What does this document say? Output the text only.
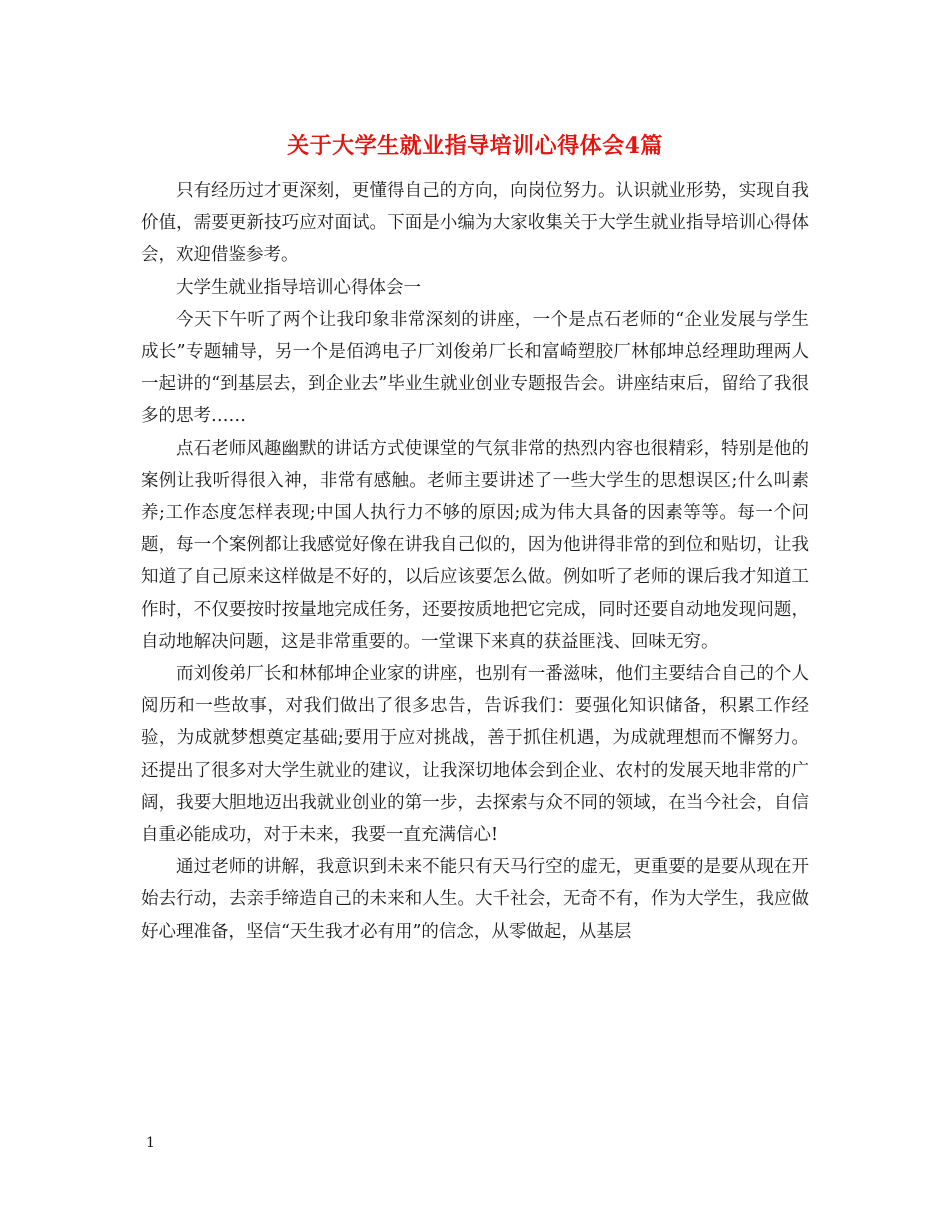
关于大学生就业指导培训心得体会4篇

只有经历过才更深刻，更懂得自己的方向，向岗位努力。认识就业形势，实现自我价值，需要更新技巧应对面试。下面是小编为大家收集关于大学生就业指导培训心得体会，欢迎借鉴参考。

大学生就业指导培训心得体会一

今天下午听了两个让我印象非常深刻的讲座，一个是点石老师的“企业发展与学生成长”专题辅导，另一个是佰鸿电子厂刘俊弟厂长和富崎塑胶厂林郁坤总经理助理两人一起讲的“到基层去，到企业去”毕业生就业创业专题报告会。讲座结束后，留给了我很多的思考……

点石老师风趣幽默的讲话方式使课堂的气氛非常的热烈内容也很精彩，特别是他的案例让我听得很入神，非常有感触。老师主要讲述了一些大学生的思想误区;什么叫素养;工作态度怎样表现;中国人执行力不够的原因;成为伟大具备的因素等等。每一个问题，每一个案例都让我感觉好像在讲我自己似的，因为他讲得非常的到位和贴切，让我知道了自己原来这样做是不好的，以后应该要怎么做。例如听了老师的课后我才知道工作时，不仅要按时按量地完成任务，还要按质地把它完成，同时还要自动地发现问题，自动地解决问题，这是非常重要的。一堂课下来真的获益匪浅、回味无穷。

而刘俊弟厂长和林郁坤企业家的讲座，也别有一番滋味，他们主要结合自己的个人阅历和一些故事，对我们做出了很多忠告，告诉我们：要强化知识储备，积累工作经验，为成就梦想奠定基础;要用于应对挑战，善于抓住机遇，为成就理想而不懈努力。还提出了很多对大学生就业的建议，让我深切地体会到企业、农村的发展天地非常的广阔，我要大胆地迈出我就业创业的第一步，去探索与众不同的领域，在当今社会，自信自重必能成功，对于未来，我要一直充满信心!

通过老师的讲解，我意识到未来不能只有天马行空的虚无，更重要的是要从现在开始去行动，去亲手缔造自己的未来和人生。大千社会，无奇不有，作为大学生，我应做好心理准备，坚信“天生我才必有用”的信念，从零做起，从基层

1
